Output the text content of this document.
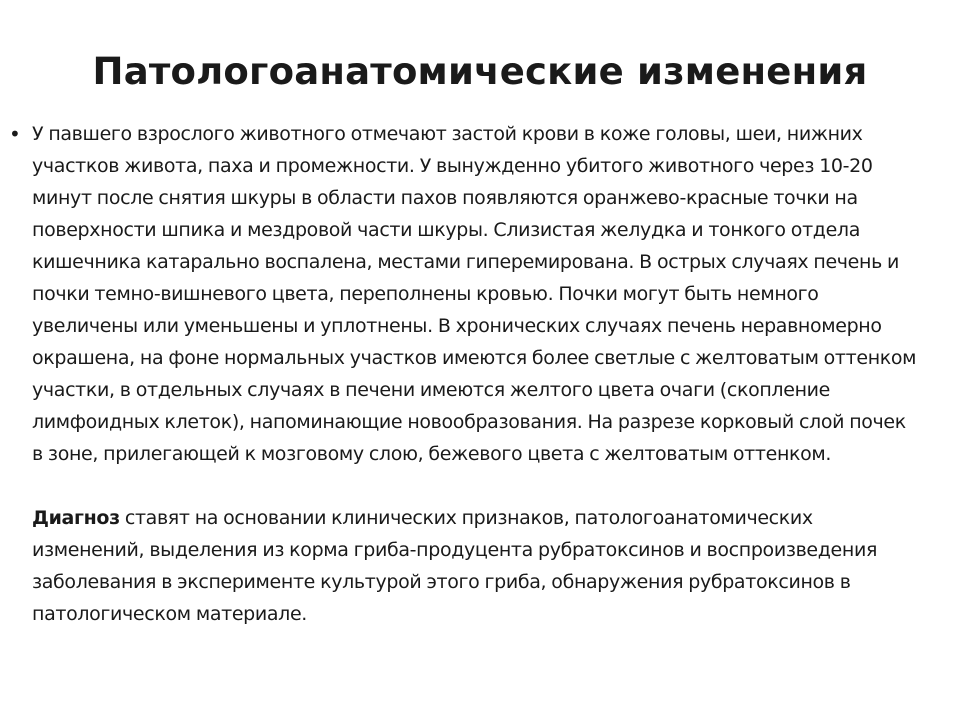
Патологоанатомические изменения
• У павшего взрослого животного отмечают застой крови в коже головы, шеи, нижних участков живота, паха и промежности. У вынужденно убитого животного через 10-20 минут после снятия шкуры в области пахов появляются оранжево-красные точки на поверхности шпика и мездровой части шкуры. Слизистая желудка и тонкого отдела кишечника катарально воспалена, местами гиперемирована. В острых случаях печень и почки темно-вишневого цвета, переполнены кровью. Почки могут быть немного увеличены или уменьшены и уплотнены. В хронических случаях печень неравномерно окрашена, на фоне нормальных участков имеются более светлые с желтоватым оттенком участки, в отдельных случаях в печени имеются желтого цвета очаги (скопление лимфоидных клеток), напоминающие новообразования. На разрезе корковый слой почек в зоне, прилегающей к мозговому слою, бежевого цвета с желтоватым оттенком.

Диагноз ставят на основании клинических признаков, патологоанатомических изменений, выделения из корма гриба-продуцента рубратоксинов и воспроизведения заболевания в эксперименте культурой этого гриба, обнаружения рубратоксинов в патологическом материале.
